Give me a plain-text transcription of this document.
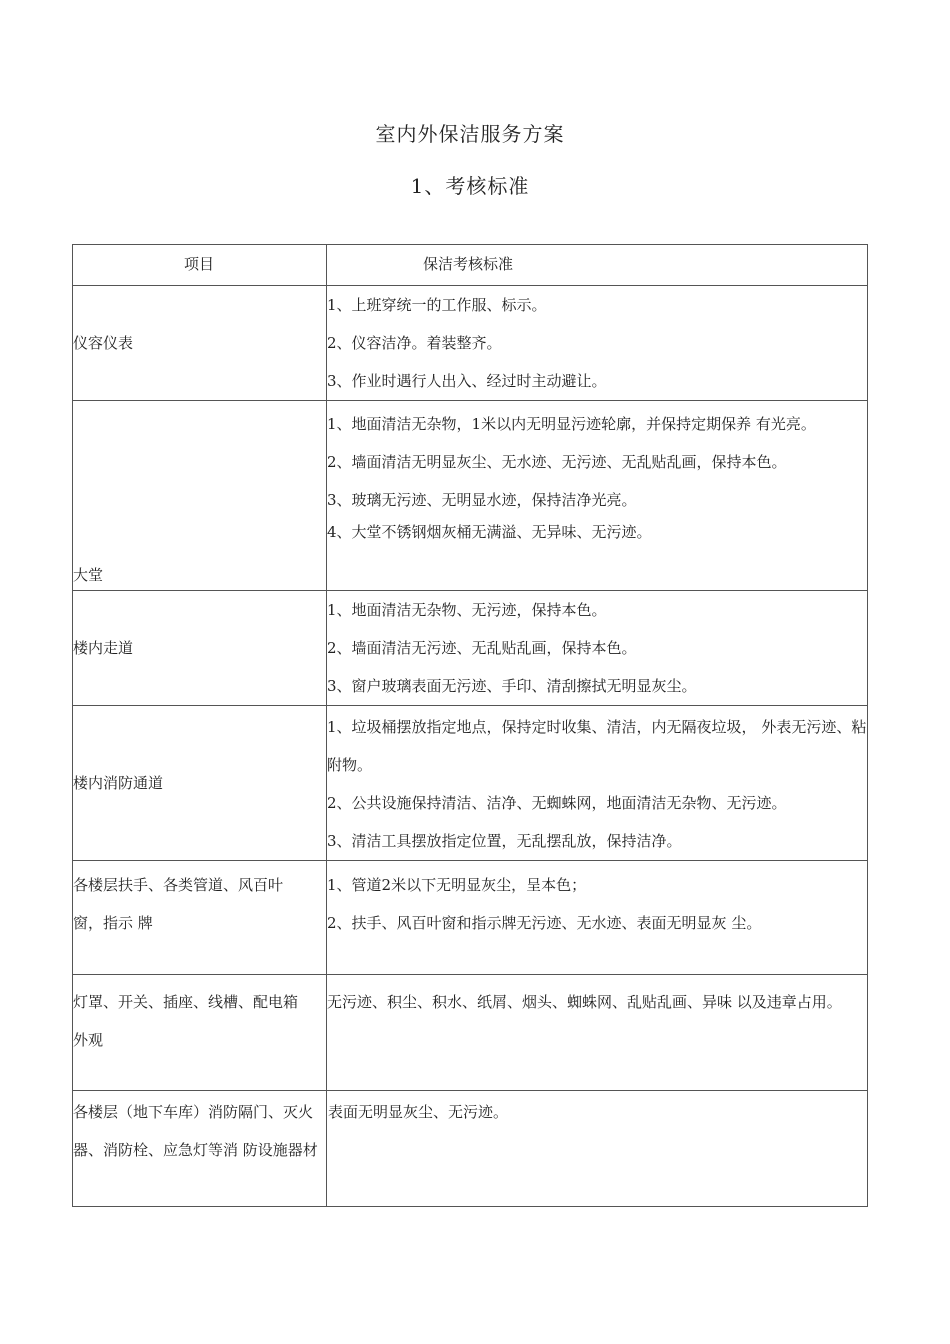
室内外保洁服务方案
1、考核标准
项目	保洁考核标准
仪容仪表	1、上班穿统一的工作服、标示。
2、仪容洁净。着装整齐。
3、作业时遇行人出入、经过时主动避让。

大堂	1、地面清洁无杂物，1米以内无明显污迹轮廓，并保持定期保养 有光亮。
2、墙面清洁无明显灰尘、无水迹、无污迹、无乱贴乱画，保持本色。
3、玻璃无污迹、无明显水迹，保持洁净光亮。
4、大堂不锈钢烟灰桶无满溢、无异味、无污迹。

楼内走道	1、地面清洁无杂物、无污迹，保持本色。
2、墙面清洁无污迹、无乱贴乱画，保持本色。
3、窗户玻璃表面无污迹、手印、清刮擦拭无明显灰尘。

楼内消防通道	1、垃圾桶摆放指定地点，保持定时收集、清洁，内无隔夜垃圾， 外表无污迹、粘附物。
2、公共设施保持清洁、洁净、无蜘蛛网，地面清洁无杂物、无污迹。
3、清洁工具摆放指定位置，无乱摆乱放，保持洁净。

各楼层扶手、各类管道、风百叶窗，指示 牌	1、管道2米以下无明显灰尘，呈本色；
2、扶手、风百叶窗和指示牌无污迹、无水迹、表面无明显灰 尘。

灯罩、开关、插座、线槽、配电箱外观	无污迹、积尘、积水、纸屑、烟头、蜘蛛网、乱贴乱画、异味 以及违章占用。

各楼层（地下车库）消防隔门、灭火器、消防栓、应急灯等消 防设施器材	表面无明显灰尘、无污迹。
